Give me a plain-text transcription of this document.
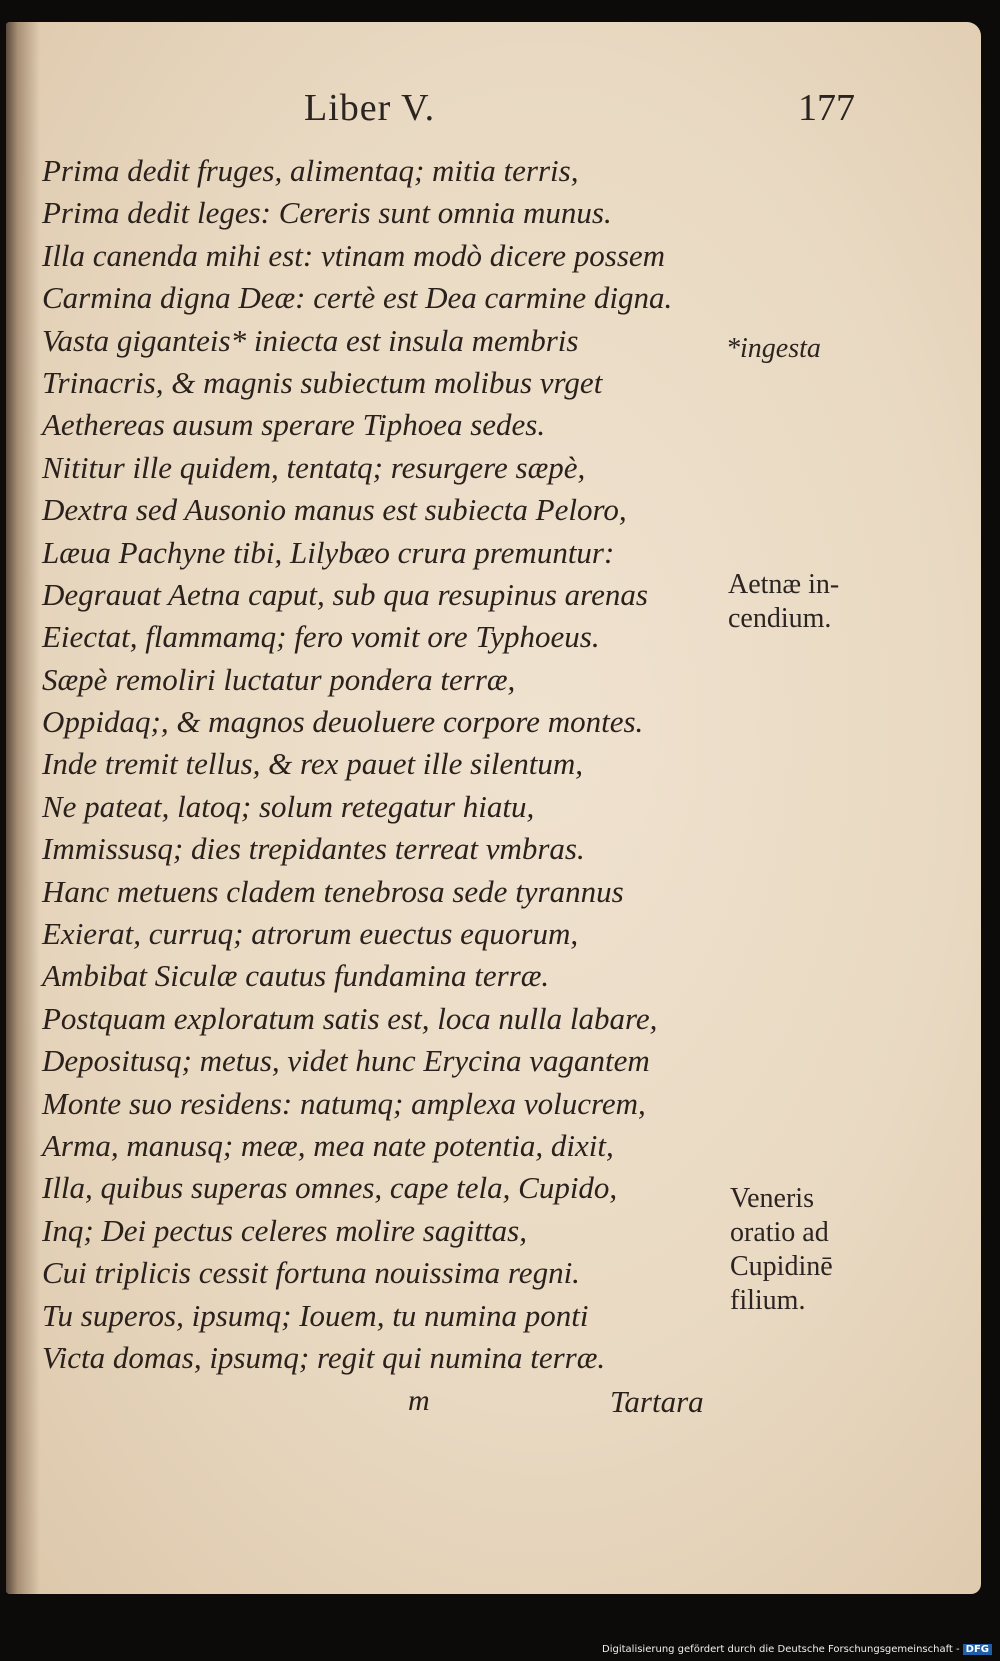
Liber V.	177
Prima dedit fruges, alimentaq; mitia terris,
Prima dedit leges: Cereris sunt omnia munus.
Illa canenda mihi est: vtinam modò dicere possem
Carmina digna Deæ: certè est Dea carmine digna.
Vasta giganteis* iniecta est insula membris
Trinacris, & magnis subiectum molibus vrget
Aethereas ausum sperare Tiphoea sedes.
Nititur ille quidem, tentatq; resurgere sæpè,
Dextra sed Ausonio manus est subiecta Peloro,
Læua Pachyne tibi, Lilybæo crura premuntur:
Degrauat Aetna caput, sub qua resupinus arenas
Eiectat, flammamq; fero vomit ore Typhoeus.
Sæpè remoliri luctatur pondera terræ,
Oppidaq;, & magnos deuoluere corpore montes.
Inde tremit tellus, & rex pauet ille silentum,
Ne pateat, latoq; solum retegatur hiatu,
Immissusq; dies trepidantes terreat vmbras.
Hanc metuens cladem tenebrosa sede tyrannus
Exierat, curruq; atrorum euectus equorum,
Ambibat Siculæ cautus fundamina terræ.
Postquam exploratum satis est, loca nulla labare,
Depositusq; metus, videt hunc Erycina vagantem
Monte suo residens: natumq; amplexa volucrem,
Arma, manusq; meæ, mea nate potentia, dixit,
Illa, quibus superas omnes, cape tela, Cupido,
Inq; Dei pectus celeres molire sagittas,
Cui triplicis cessit fortuna nouissima regni.
Tu superos, ipsumq; Iouem, tu numina ponti
Victa domas, ipsumq; regit qui numina terræ.
*ingesta
Aetnæ in-
cendium.
Veneris
oratio ad
Cupidinē
filium.
m	Tartara
Digitalisierung gefördert durch die Deutsche Forschungsgemeinschaft - DFG
